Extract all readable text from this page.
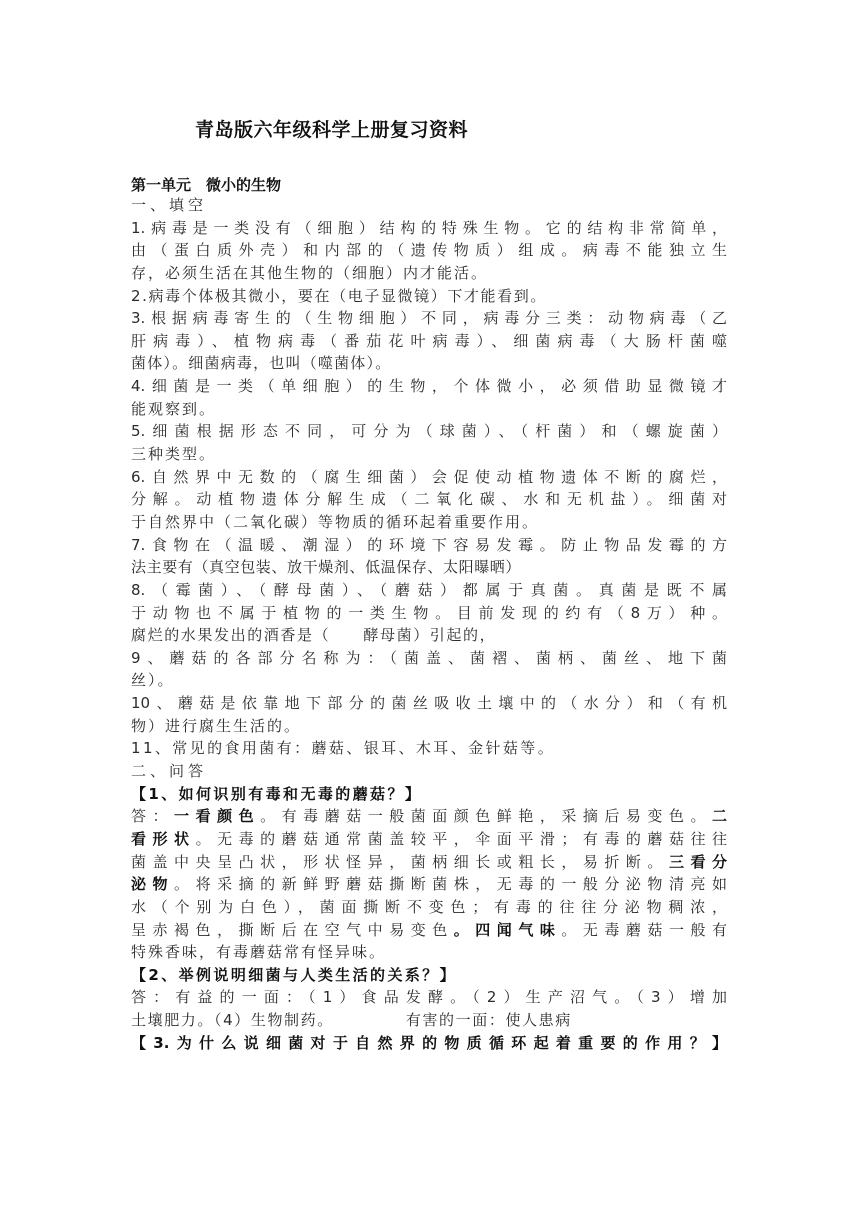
青岛版六年级科学上册复习资料
第一单元　微小的生物
一、填空
1.病毒是一类没有（细胞）结构的特殊生物。它的结构非常简单，
由（蛋白质外壳）和内部的（遗传物质）组成。病毒不能独立生
存，必须生活在其他生物的（细胞）内才能活。
2.病毒个体极其微小，要在（电子显微镜）下才能看到。
3.根据病毒寄生的（生物细胞）不同，病毒分三类：动物病毒（乙
肝病毒）、植物病毒（番茄花叶病毒）、细菌病毒（大肠杆菌噬
菌体）。细菌病毒，也叫（噬菌体）。
4.细菌是一类（单细胞）的生物，个体微小，必须借助显微镜才
能观察到。
5.细菌根据形态不同，可分为（球菌）、（杆菌）和（螺旋菌）
三种类型。
6.自然界中无数的（腐生细菌）会促使动植物遗体不断的腐烂，
分解。动植物遗体分解生成（二氧化碳、水和无机盐）。细菌对
于自然界中（二氧化碳）等物质的循环起着重要作用。
7.食物在（温暖、潮湿）的环境下容易发霉。防止物品发霉的方
法主要有（真空包装、放干燥剂、低温保存、太阳曝晒）
8.（霉菌）、（酵母菌）、（蘑菇）都属于真菌。真菌是既不属
于动物也不属于植物的一类生物。目前发现的约有（8万）种。
腐烂的水果发出的酒香是（　　酵母菌）引起的，
9、蘑菇的各部分名称为：（菌盖、菌褶、菌柄、菌丝、地下菌
丝）。
10、蘑菇是依靠地下部分的菌丝吸收土壤中的（水分）和（有机
物）进行腐生生活的。
11、常见的食用菌有：蘑菇、银耳、木耳、金针菇等。
二、问答
【1、如何识别有毒和无毒的蘑菇？】
答：一看颜色。有毒蘑菇一般菌面颜色鲜艳，采摘后易变色。二
看形状。无毒的蘑菇通常菌盖较平，伞面平滑；有毒的蘑菇往往
菌盖中央呈凸状，形状怪异，菌柄细长或粗长，易折断。三看分
泌物。将采摘的新鲜野蘑菇撕断菌株，无毒的一般分泌物清亮如
水（个别为白色），菌面撕断不变色；有毒的往往分泌物稠浓，
呈赤褐色，撕断后在空气中易变色。四闻气味。无毒蘑菇一般有
特殊香味，有毒蘑菇常有怪异味。
【2、举例说明细菌与人类生活的关系？】
答：有益的一面：（1）食品发酵。（2）生产沼气。（3）增加
土壤肥力。（4）生物制药。	有害的一面：使人患病
【3.为什么说细菌对于自然界的物质循环起着重要的作用？】
